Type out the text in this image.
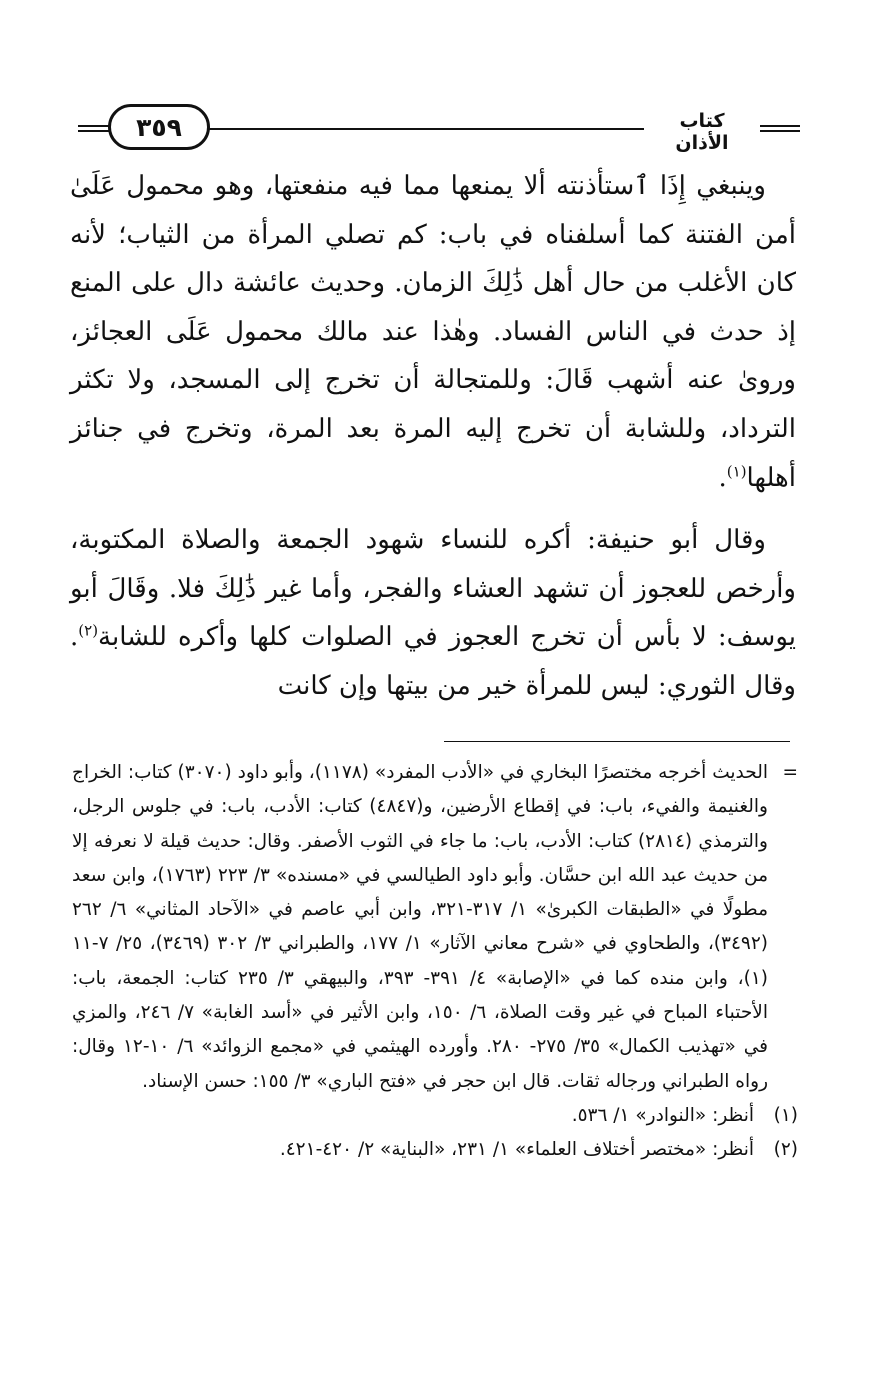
٣٥٩	كتاب الأذان

وينبغي إِذَا ٱستأذنته ألا يمنعها مما فيه منفعتها، وهو محمول عَلَىٰ أمن الفتنة كما أسلفناه في باب: كم تصلي المرأة من الثياب؛ لأنه كان الأغلب من حال أهل ذَٰلِكَ الزمان. وحديث عائشة دال على المنع إذ حدث في الناس الفساد. وهٰذا عند مالك محمول عَلَى العجائز، وروىٰ عنه أشهب قَالَ: وللمتجالة أن تخرج إلى المسجد، ولا تكثر الترداد، وللشابة أن تخرج إليه المرة بعد المرة، وتخرج في جنائز أهلها$^{(١)}$.

وقال أبو حنيفة: أكره للنساء شهود الجمعة والصلاة المكتوبة، وأرخص للعجوز أن تشهد العشاء والفجر، وأما غير ذَٰلِكَ فلا. وقَالَ أبو يوسف: لا بأس أن تخرج العجوز في الصلوات كلها وأكره للشابة$^{(٢)}$. وقال الثوري: ليس للمرأة خير من بيتها وإن كانت

=
الحديث أخرجه مختصرًا البخاري في «الأدب المفرد» (١١٧٨)، وأبو داود (٣٠٧٠) كتاب: الخراج والغنيمة والفيء، باب: في إقطاع الأرضين، و(٤٨٤٧) كتاب: الأدب، باب: في جلوس الرجل، والترمذي (٢٨١٤) كتاب: الأدب، باب: ما جاء في الثوب الأصفر. وقال: حديث قيلة لا نعرفه إلا من حديث عبد الله ابن حسَّان. وأبو داود الطيالسي في «مسنده» ٣/ ٢٢٣ (١٧٦٣)، وابن سعد مطولًا في «الطبقات الكبرىٰ» ١/ ٣١٧-٣٢١، وابن أبي عاصم في «الآحاد المثاني» ٦/ ٢٦٢ (٣٤٩٢)، والطحاوي في «شرح معاني الآثار» ١/ ١٧٧، والطبراني ٣/ ٣٠٢ (٣٤٦٩)، ٢٥/ ٧-١١ (١)، وابن منده كما في «الإصابة» ٤/ ٣٩١- ٣٩٣، والبيهقي ٣/ ٢٣٥ كتاب: الجمعة، باب: الأحتباء المباح في غير وقت الصلاة، ٦/ ١٥٠، وابن الأثير في «أسد الغابة» ٧/ ٢٤٦، والمزي في «تهذيب الكمال» ٣٥/ ٢٧٥- ٢٨٠. وأورده الهيثمي في «مجمع الزوائد» ٦/ ١٠-١٢ وقال: رواه الطبراني ورجاله ثقات. قال ابن حجر في «فتح الباري» ٣/ ١٥٥: حسن الإسناد.
(١)
أنظر: «النوادر» ١/ ٥٣٦.
(٢)
أنظر: «مختصر أختلاف العلماء» ١/ ٢٣١، «البناية» ٢/ ٤٢٠-٤٢١.
